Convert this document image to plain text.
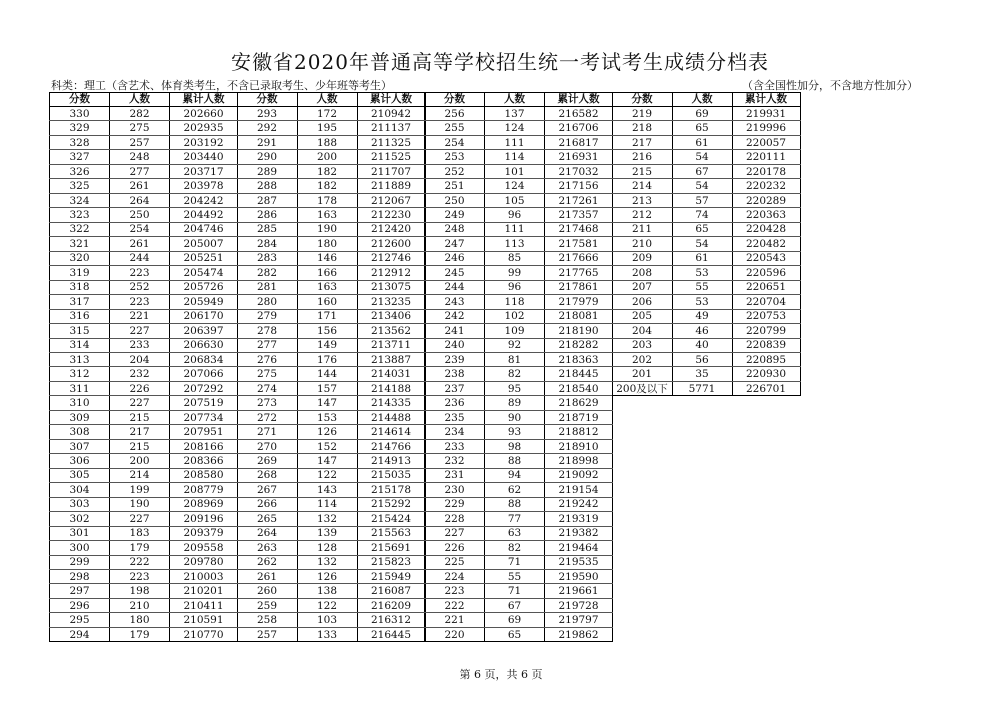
安徽省2020年普通高等学校招生统一考试考生成绩分档表
科类：理工（含艺术、体育类考生，不含已录取考生、少年班等考生）	（含全国性加分，不含地方性加分）
分数	人数	累计人数
330	282	202660
329	275	202935
328	257	203192
327	248	203440
326	277	203717
325	261	203978
324	264	204242
323	250	204492
322	254	204746
321	261	205007
320	244	205251
319	223	205474
318	252	205726
317	223	205949
316	221	206170
315	227	206397
314	233	206630
313	204	206834
312	232	207066
311	226	207292
310	227	207519
309	215	207734
308	217	207951
307	215	208166
306	200	208366
305	214	208580
304	199	208779
303	190	208969
302	227	209196
301	183	209379
300	179	209558
299	222	209780
298	223	210003
297	198	210201
296	210	210411
295	180	210591
294	179	210770
分数	人数	累计人数
293	172	210942
292	195	211137
291	188	211325
290	200	211525
289	182	211707
288	182	211889
287	178	212067
286	163	212230
285	190	212420
284	180	212600
283	146	212746
282	166	212912
281	163	213075
280	160	213235
279	171	213406
278	156	213562
277	149	213711
276	176	213887
275	144	214031
274	157	214188
273	147	214335
272	153	214488
271	126	214614
270	152	214766
269	147	214913
268	122	215035
267	143	215178
266	114	215292
265	132	215424
264	139	215563
263	128	215691
262	132	215823
261	126	215949
260	138	216087
259	122	216209
258	103	216312
257	133	216445
分数	人数	累计人数
256	137	216582
255	124	216706
254	111	216817
253	114	216931
252	101	217032
251	124	217156
250	105	217261
249	96	217357
248	111	217468
247	113	217581
246	85	217666
245	99	217765
244	96	217861
243	118	217979
242	102	218081
241	109	218190
240	92	218282
239	81	218363
238	82	218445
237	95	218540
236	89	218629
235	90	218719
234	93	218812
233	98	218910
232	88	218998
231	94	219092
230	62	219154
229	88	219242
228	77	219319
227	63	219382
226	82	219464
225	71	219535
224	55	219590
223	71	219661
222	67	219728
221	69	219797
220	65	219862
分数	人数	累计人数
219	69	219931
218	65	219996
217	61	220057
216	54	220111
215	67	220178
214	54	220232
213	57	220289
212	74	220363
211	65	220428
210	54	220482
209	61	220543
208	53	220596
207	55	220651
206	53	220704
205	49	220753
204	46	220799
203	40	220839
202	56	220895
201	35	220930
200及以下	5771	226701
第 6 页，共 6 页
